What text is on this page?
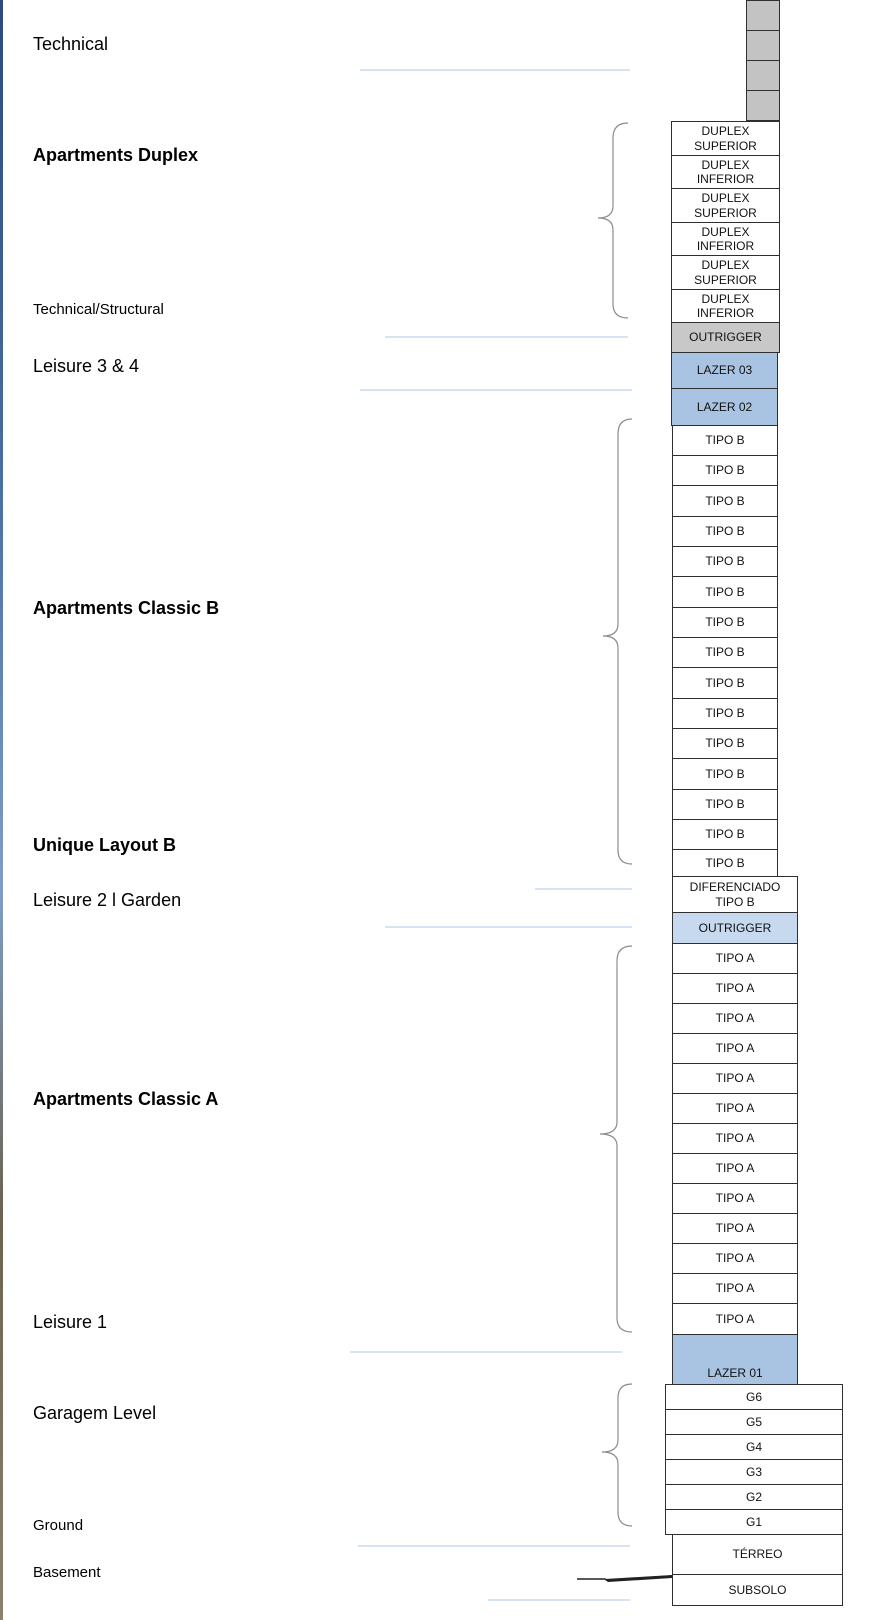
Technical
Apartments Duplex
Technical/Structural
Leisure 3 & 4
Apartments Classic B
Unique Layout B
Leisure 2 l Garden
Apartments Classic A
Leisure 1
Garagem Level
Ground
Basement
DUPLEX SUPERIOR
DUPLEX INFERIOR
DUPLEX SUPERIOR
DUPLEX INFERIOR
DUPLEX SUPERIOR
DUPLEX INFERIOR
OUTRIGGER
LAZER 03
LAZER 02
TIPO B
TIPO B
TIPO B
TIPO B
TIPO B
TIPO B
TIPO B
TIPO B
TIPO B
TIPO B
TIPO B
TIPO B
TIPO B
TIPO B
TIPO B
DIFERENCIADO
TIPO B
OUTRIGGER
TIPO A
TIPO A
TIPO A
TIPO A
TIPO A
TIPO A
TIPO A
TIPO A
TIPO A
TIPO A
TIPO A
TIPO A
TIPO A
LAZER 01
G6
G5
G4
G3
G2
G1
TÉRREO
SUBSOLO
